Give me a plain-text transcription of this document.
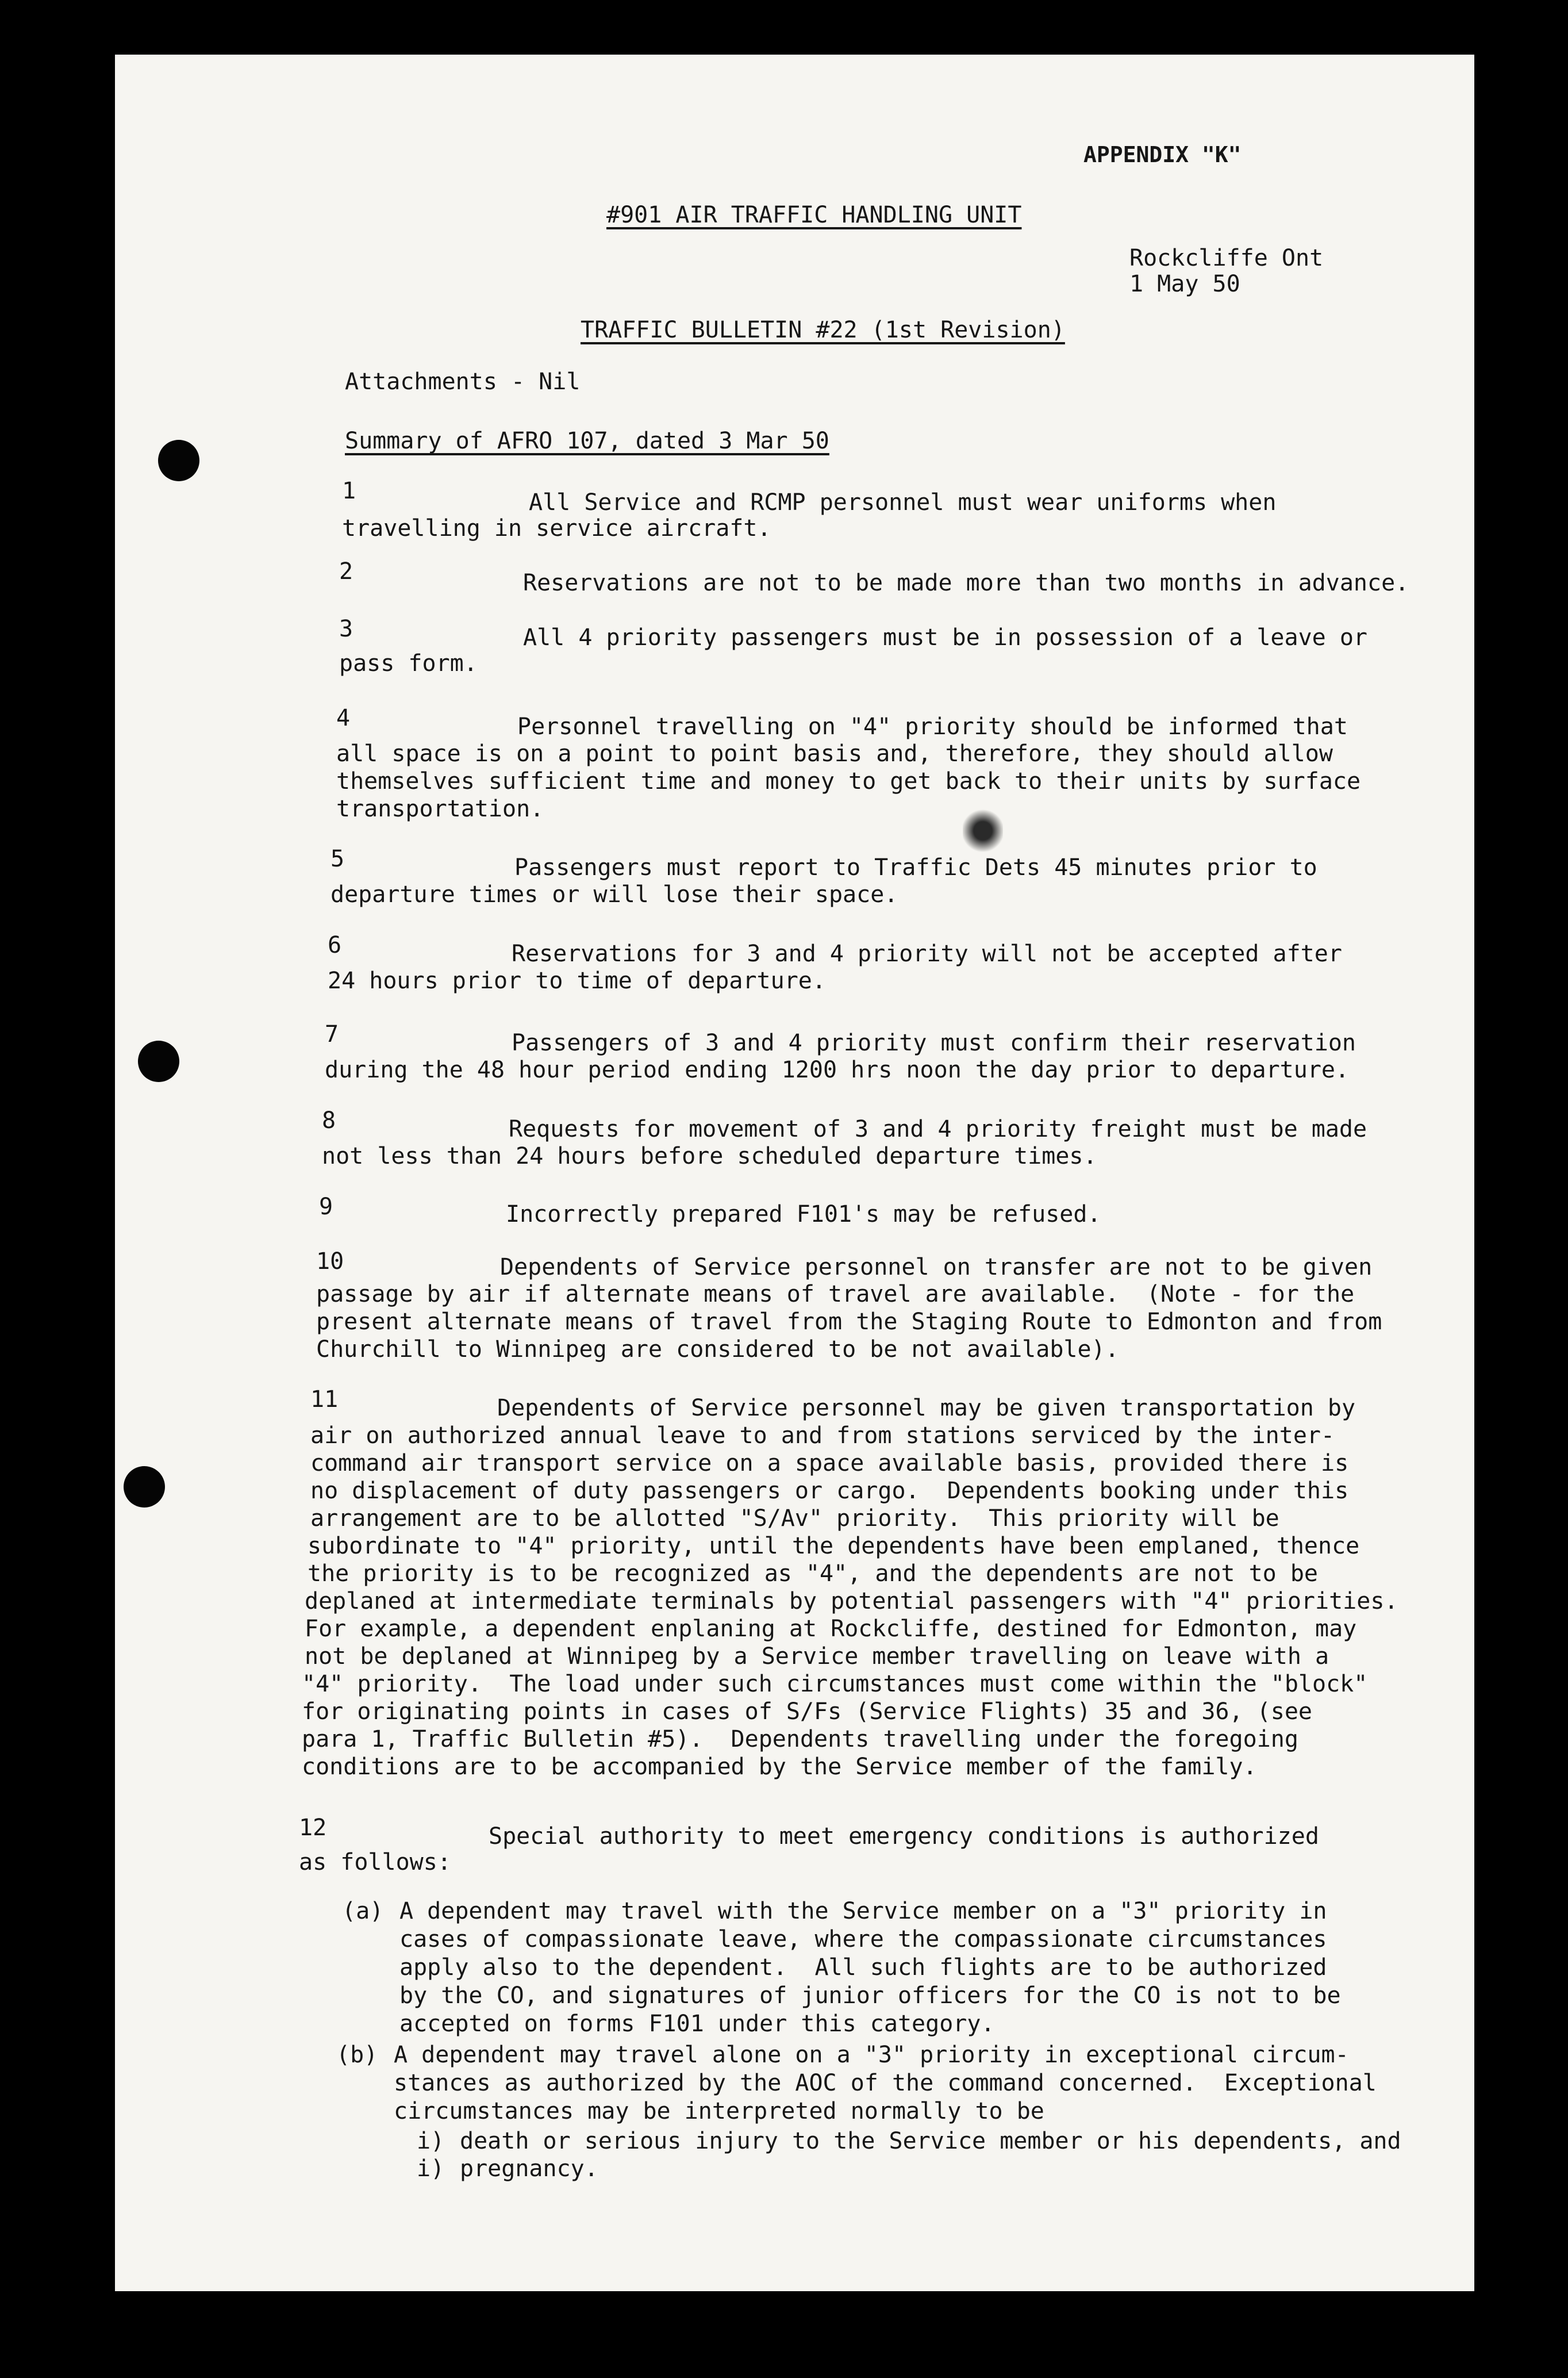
APPENDIX "K"
#901 AIR TRAFFIC HANDLING UNIT
Rockcliffe Ont
1 May 50
TRAFFIC BULLETIN #22 (1st Revision)
Attachments - Nil
Summary of AFRO 107, dated 3 Mar 50
1	All Service and RCMP personnel must wear uniforms when
travelling in service aircraft.
2	Reservations are not to be made more than two months in advance.
3	All 4 priority passengers must be in possession of a leave or
pass form.
4	Personnel travelling on "4" priority should be informed that
all space is on a point to point basis and, therefore, they should allow
themselves sufficient time and money to get back to their units by surface
transportation.
5	Passengers must report to Traffic Dets 45 minutes prior to
departure times or will lose their space.
6	Reservations for 3 and 4 priority will not be accepted after
24 hours prior to time of departure.
7	Passengers of 3 and 4 priority must confirm their reservation
during the 48 hour period ending 1200 hrs noon the day prior to departure.
8	Requests for movement of 3 and 4 priority freight must be made
not less than 24 hours before scheduled departure times.
9	Incorrectly prepared F101's may be refused.
10	Dependents of Service personnel on transfer are not to be given
passage by air if alternate means of travel are available.  (Note - for the
present alternate means of travel from the Staging Route to Edmonton and from
Churchill to Winnipeg are considered to be not available).
11	Dependents of Service personnel may be given transportation by
air on authorized annual leave to and from stations serviced by the inter-
command air transport service on a space available basis, provided there is
no displacement of duty passengers or cargo.  Dependents booking under this
arrangement are to be allotted "S/Av" priority.  This priority will be
subordinate to "4" priority, until the dependents have been emplaned, thence
the priority is to be recognized as "4", and the dependents are not to be
deplaned at intermediate terminals by potential passengers with "4" priorities.
For example, a dependent enplaning at Rockcliffe, destined for Edmonton, may
not be deplaned at Winnipeg by a Service member travelling on leave with a
"4" priority.  The load under such circumstances must come within the "block"
for originating points in cases of S/Fs (Service Flights) 35 and 36, (see
para 1, Traffic Bulletin #5).  Dependents travelling under the foregoing
conditions are to be accompanied by the Service member of the family.
12	Special authority to meet emergency conditions is authorized
as follows:
(a) A dependent may travel with the Service member on a "3" priority in
cases of compassionate leave, where the compassionate circumstances
apply also to the dependent.  All such flights are to be authorized
by the CO, and signatures of junior officers for the CO is not to be
accepted on forms F101 under this category.
(b) A dependent may travel alone on a "3" priority in exceptional circum-
stances as authorized by the AOC of the command concerned.  Exceptional
circumstances may be interpreted normally to be
i) death or serious injury to the Service member or his dependents, and
i) pregnancy.
